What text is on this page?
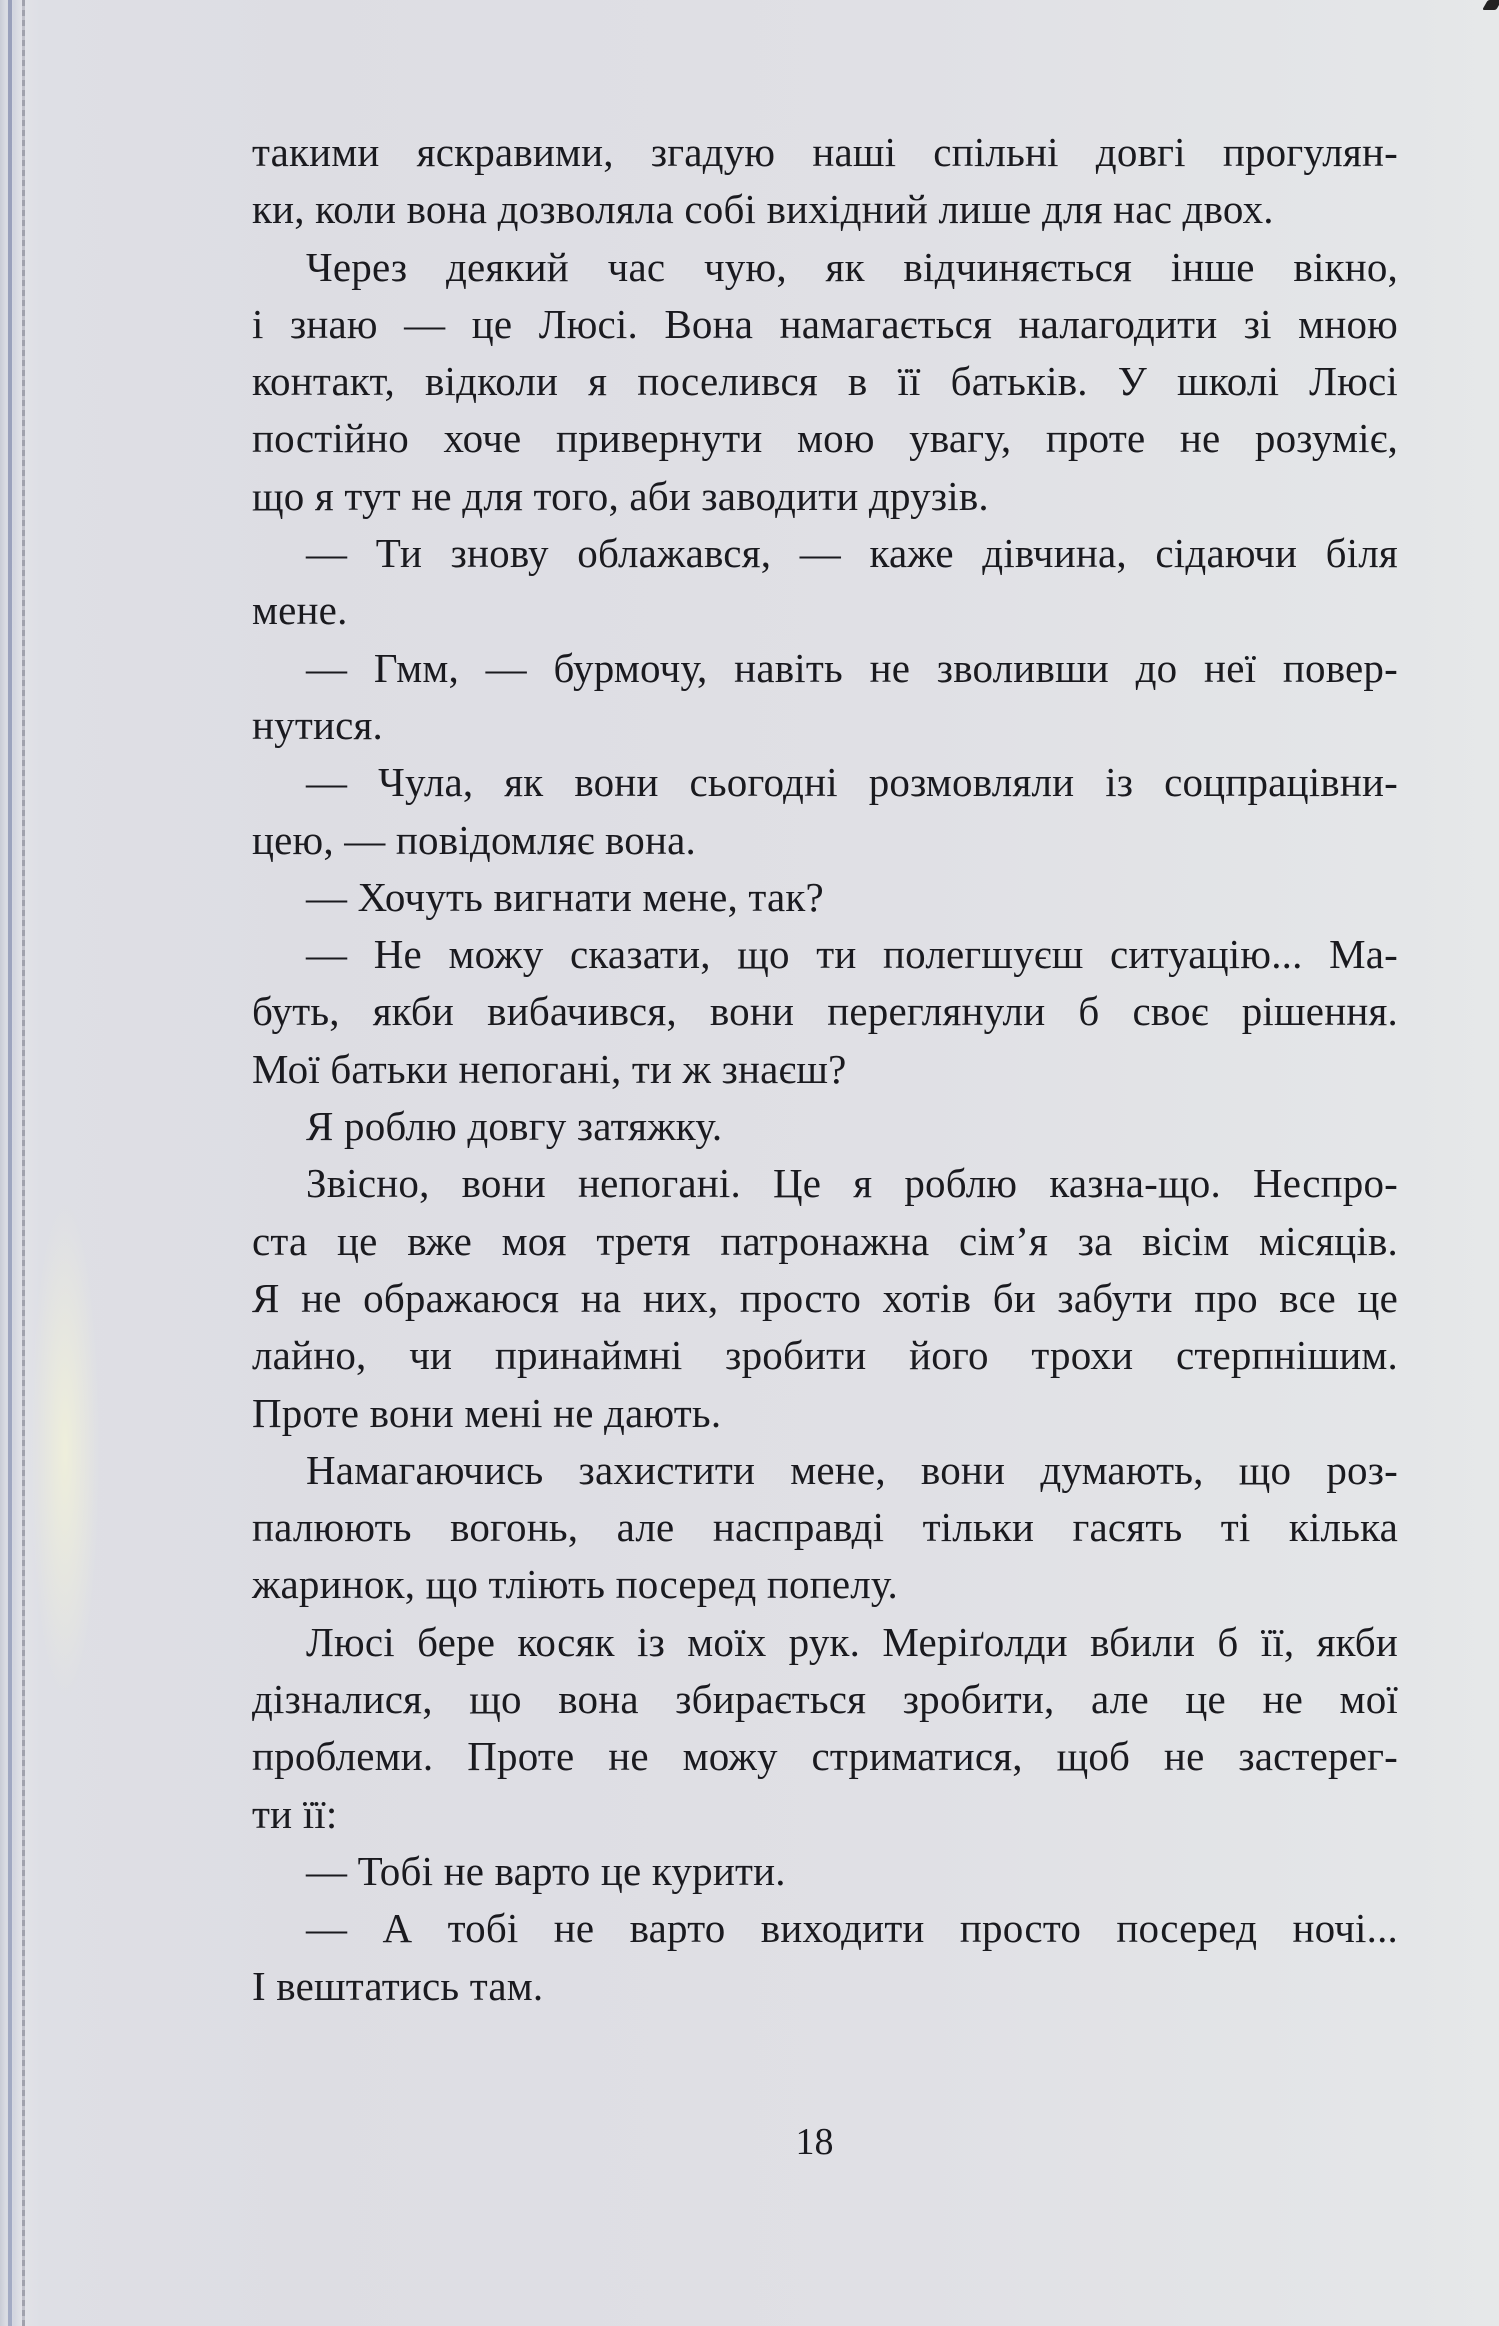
такими яскравими, згадую наші спільні довгі прогулян-
ки, коли вона дозволяла собі вихідний лише для нас двох.
Через деякий час чую, як відчиняється інше вікно,
і знаю — це Люсі. Вона намагається налагодити зі мною
контакт, відколи я поселився в її батьків. У школі Люсі
постійно хоче привернути мою увагу, проте не розуміє,
що я тут не для того, аби заводити друзів.
— Ти знову облажався, — каже дівчина, сідаючи біля
мене.
— Гмм, — бурмочу, навіть не зволивши до неї повер-
нутися.
— Чула, як вони сьогодні розмовляли із соцпрацівни-
цею, — повідомляє вона.
— Хочуть вигнати мене, так?
— Не можу сказати, що ти полегшуєш ситуацію... Ма-
буть, якби вибачився, вони переглянули б своє рішення.
Мої батьки непогані, ти ж знаєш?
Я роблю довгу затяжку.
Звісно, вони непогані. Це я роблю казна-що. Неспро-
ста це вже моя третя патронажна сім’я за вісім місяців.
Я не ображаюся на них, просто хотів би забути про все це
лайно, чи принаймні зробити його трохи стерпнішим.
Проте вони мені не дають.
Намагаючись захистити мене, вони думають, що роз-
палюють вогонь, але насправді тільки гасять ті кілька
жаринок, що тліють посеред попелу.
Люсі бере косяк із моїх рук. Меріґолди вбили б її, якби
дізналися, що вона збирається зробити, але це не мої
проблеми. Проте не можу стриматися, щоб не застерег-
ти її:
— Тобі не варто це курити.
— А тобі не варто виходити просто посеред ночі...
І вештатись там.
18
